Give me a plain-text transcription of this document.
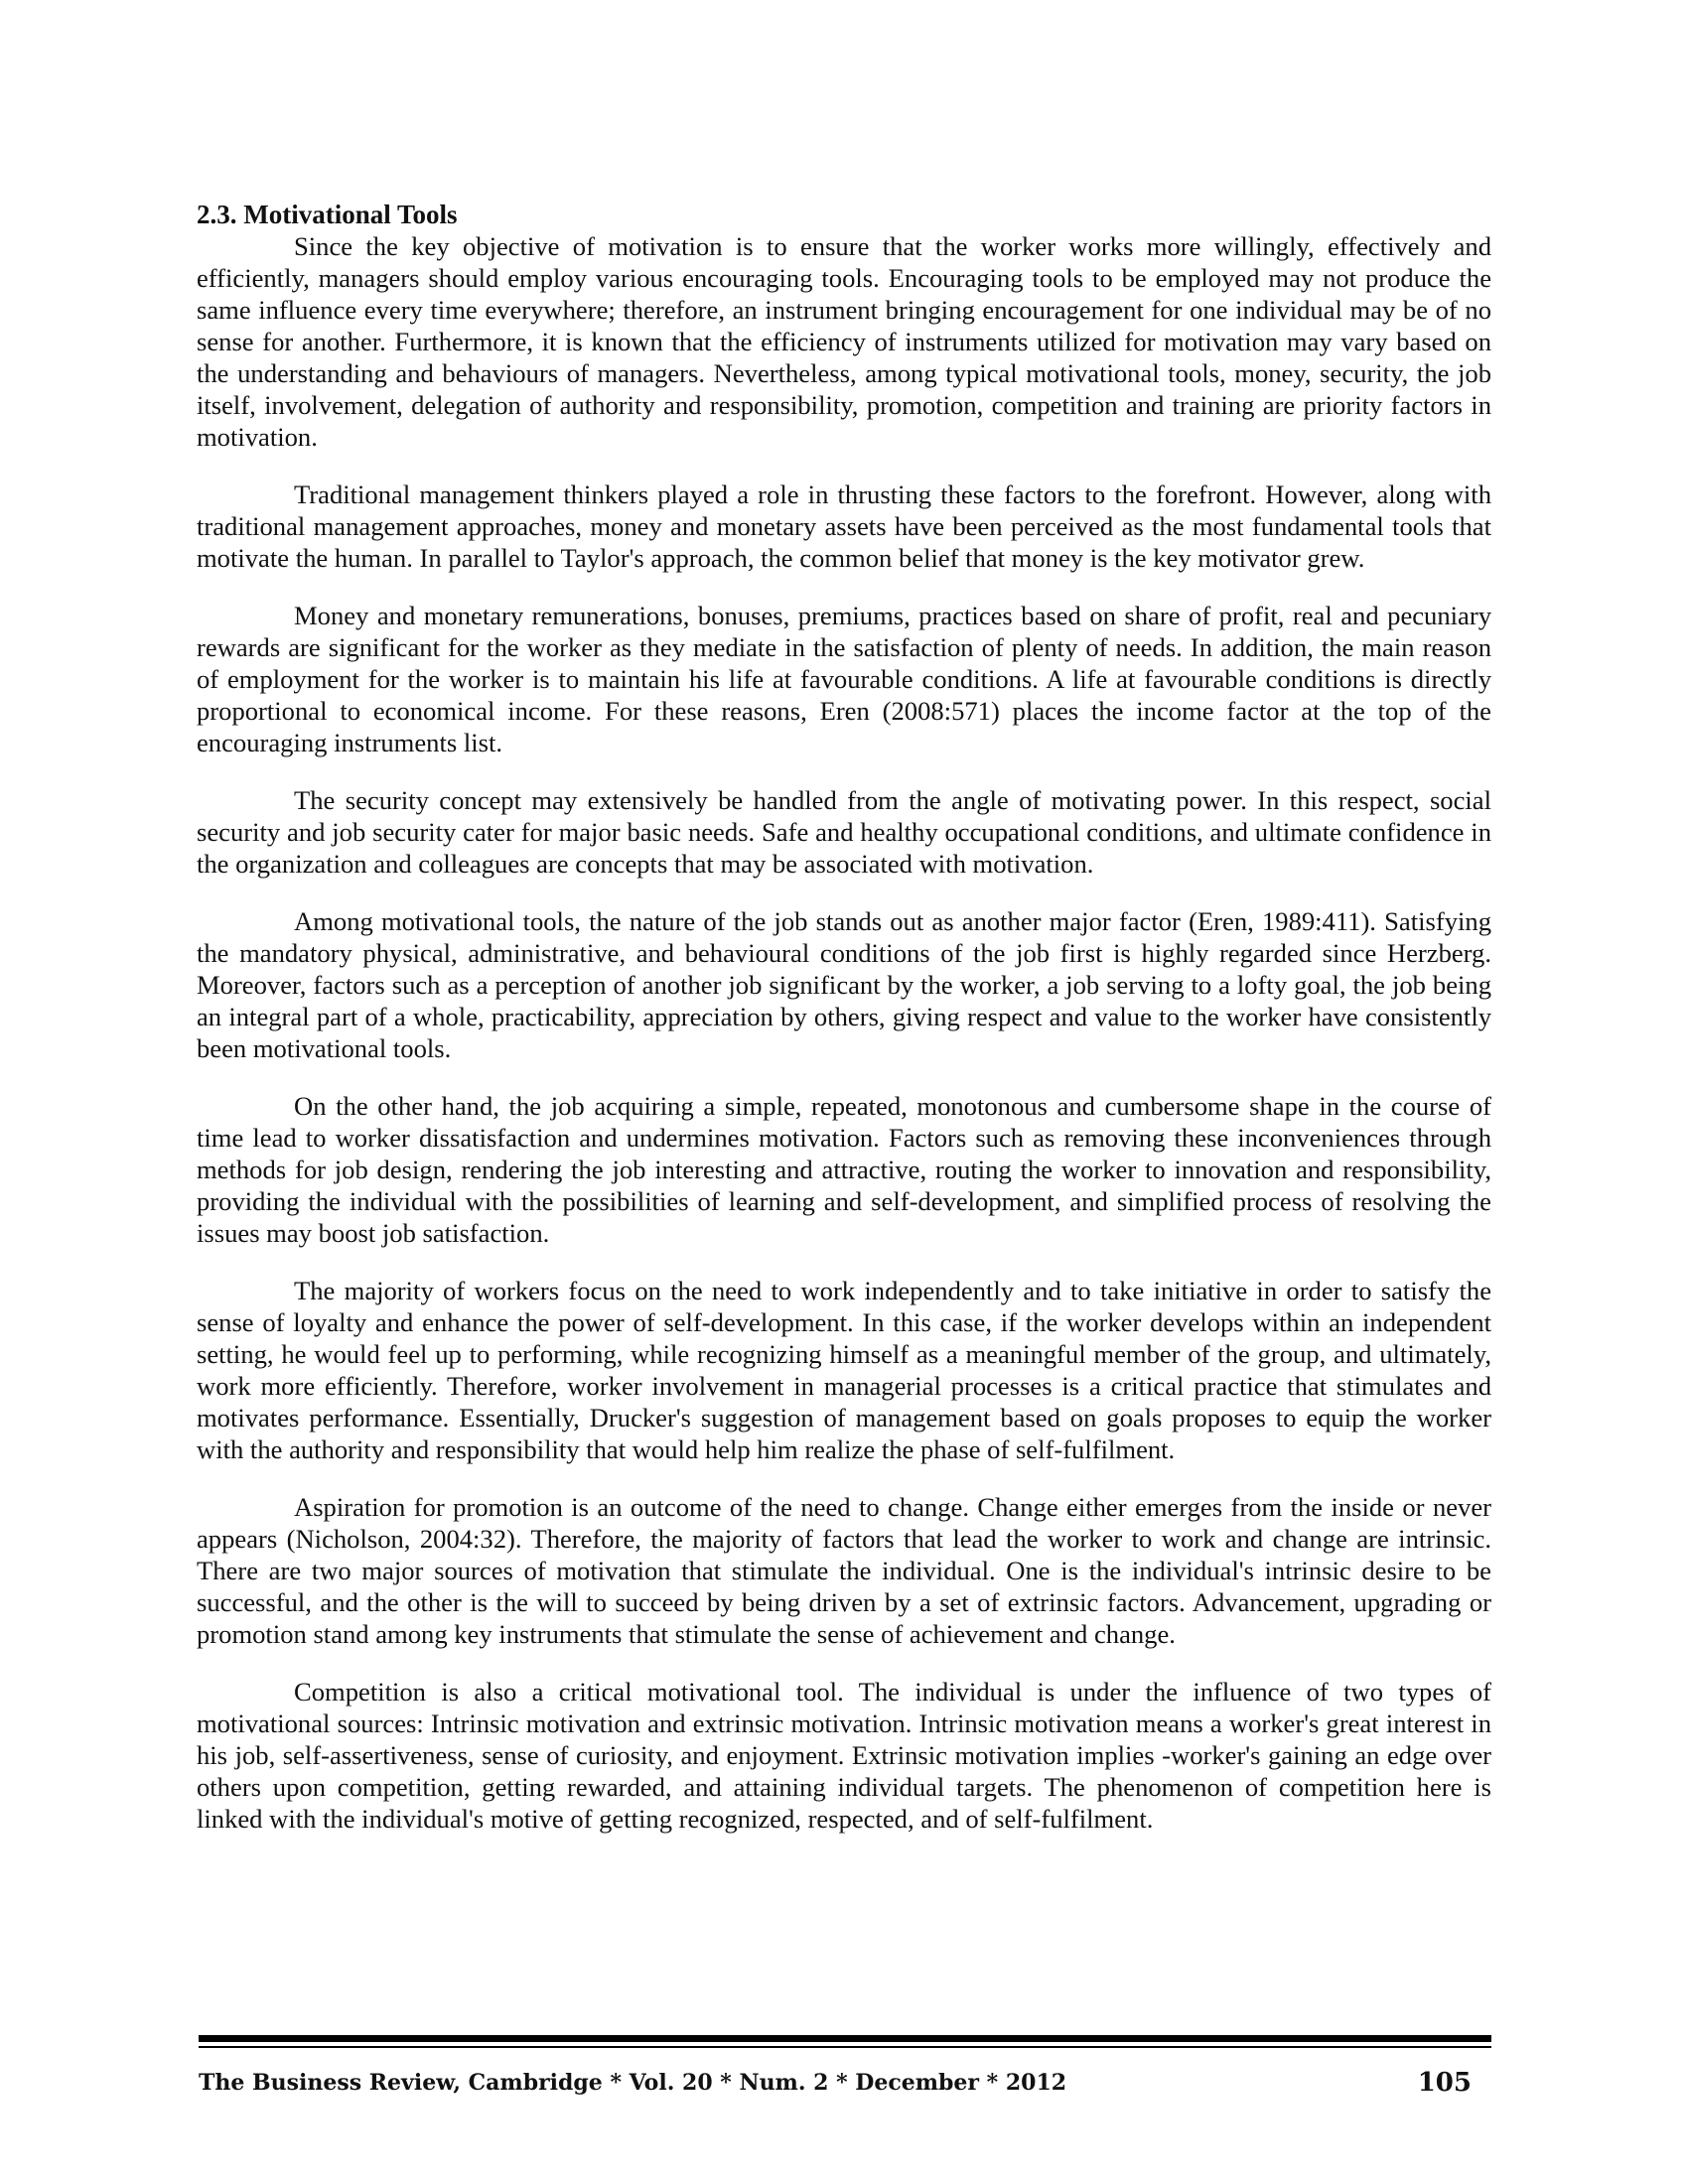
2.3. Motivational Tools

Since the key objective of motivation is to ensure that the worker works more willingly, effectively and efficiently, managers should employ various encouraging tools. Encouraging tools to be employed may not produce the same influence every time everywhere; therefore, an instrument bringing encouragement for one individual may be of no sense for another. Furthermore, it is known that the efficiency of instruments utilized for motivation may vary based on the understanding and behaviours of managers. Nevertheless, among typical motivational tools, money, security, the job itself, involvement, delegation of authority and responsibility, promotion, competition and training are priority factors in motivation.

Traditional management thinkers played a role in thrusting these factors to the forefront. However, along with traditional management approaches, money and monetary assets have been perceived as the most fundamental tools that motivate the human. In parallel to Taylor's approach, the common belief that money is the key motivator grew.

Money and monetary remunerations, bonuses, premiums, practices based on share of profit, real and pecuniary rewards are significant for the worker as they mediate in the satisfaction of plenty of needs. In addition, the main reason of employment for the worker is to maintain his life at favourable conditions. A life at favourable conditions is directly proportional to economical income. For these reasons, Eren (2008:571) places the income factor at the top of the encouraging instruments list.

The security concept may extensively be handled from the angle of motivating power. In this respect, social security and job security cater for major basic needs. Safe and healthy occupational conditions, and ultimate confidence in the organization and colleagues are concepts that may be associated with motivation.

Among motivational tools, the nature of the job stands out as another major factor (Eren, 1989:411). Satisfying the mandatory physical, administrative, and behavioural conditions of the job first is highly regarded since Herzberg. Moreover, factors such as a perception of another job significant by the worker, a job serving to a lofty goal, the job being an integral part of a whole, practicability, appreciation by others, giving respect and value to the worker have consistently been motivational tools.

On the other hand, the job acquiring a simple, repeated, monotonous and cumbersome shape in the course of time lead to worker dissatisfaction and undermines motivation. Factors such as removing these inconveniences through methods for job design, rendering the job interesting and attractive, routing the worker to innovation and responsibility, providing the individual with the possibilities of learning and self-development, and simplified process of resolving the issues may boost job satisfaction.

The majority of workers focus on the need to work independently and to take initiative in order to satisfy the sense of loyalty and enhance the power of self-development. In this case, if the worker develops within an independent setting, he would feel up to performing, while recognizing himself as a meaningful member of the group, and ultimately, work more efficiently. Therefore, worker involvement in managerial processes is a critical practice that stimulates and motivates performance. Essentially, Drucker's suggestion of management based on goals proposes to equip the worker with the authority and responsibility that would help him realize the phase of self-fulfilment.

Aspiration for promotion is an outcome of the need to change. Change either emerges from the inside or never appears (Nicholson, 2004:32). Therefore, the majority of factors that lead the worker to work and change are intrinsic. There are two major sources of motivation that stimulate the individual. One is the individual's intrinsic desire to be successful, and the other is the will to succeed by being driven by a set of extrinsic factors. Advancement, upgrading or promotion stand among key instruments that stimulate the sense of achievement and change.

Competition is also a critical motivational tool. The individual is under the influence of two types of motivational sources: Intrinsic motivation and extrinsic motivation. Intrinsic motivation means a worker's great interest in his job, self-assertiveness, sense of curiosity, and enjoyment. Extrinsic motivation implies -worker's gaining an edge over others upon competition, getting rewarded, and attaining individual targets. The phenomenon of competition here is linked with the individual's motive of getting recognized, respected, and of self-fulfilment.

The Business Review, Cambridge * Vol. 20 * Num. 2 * December * 2012	105
